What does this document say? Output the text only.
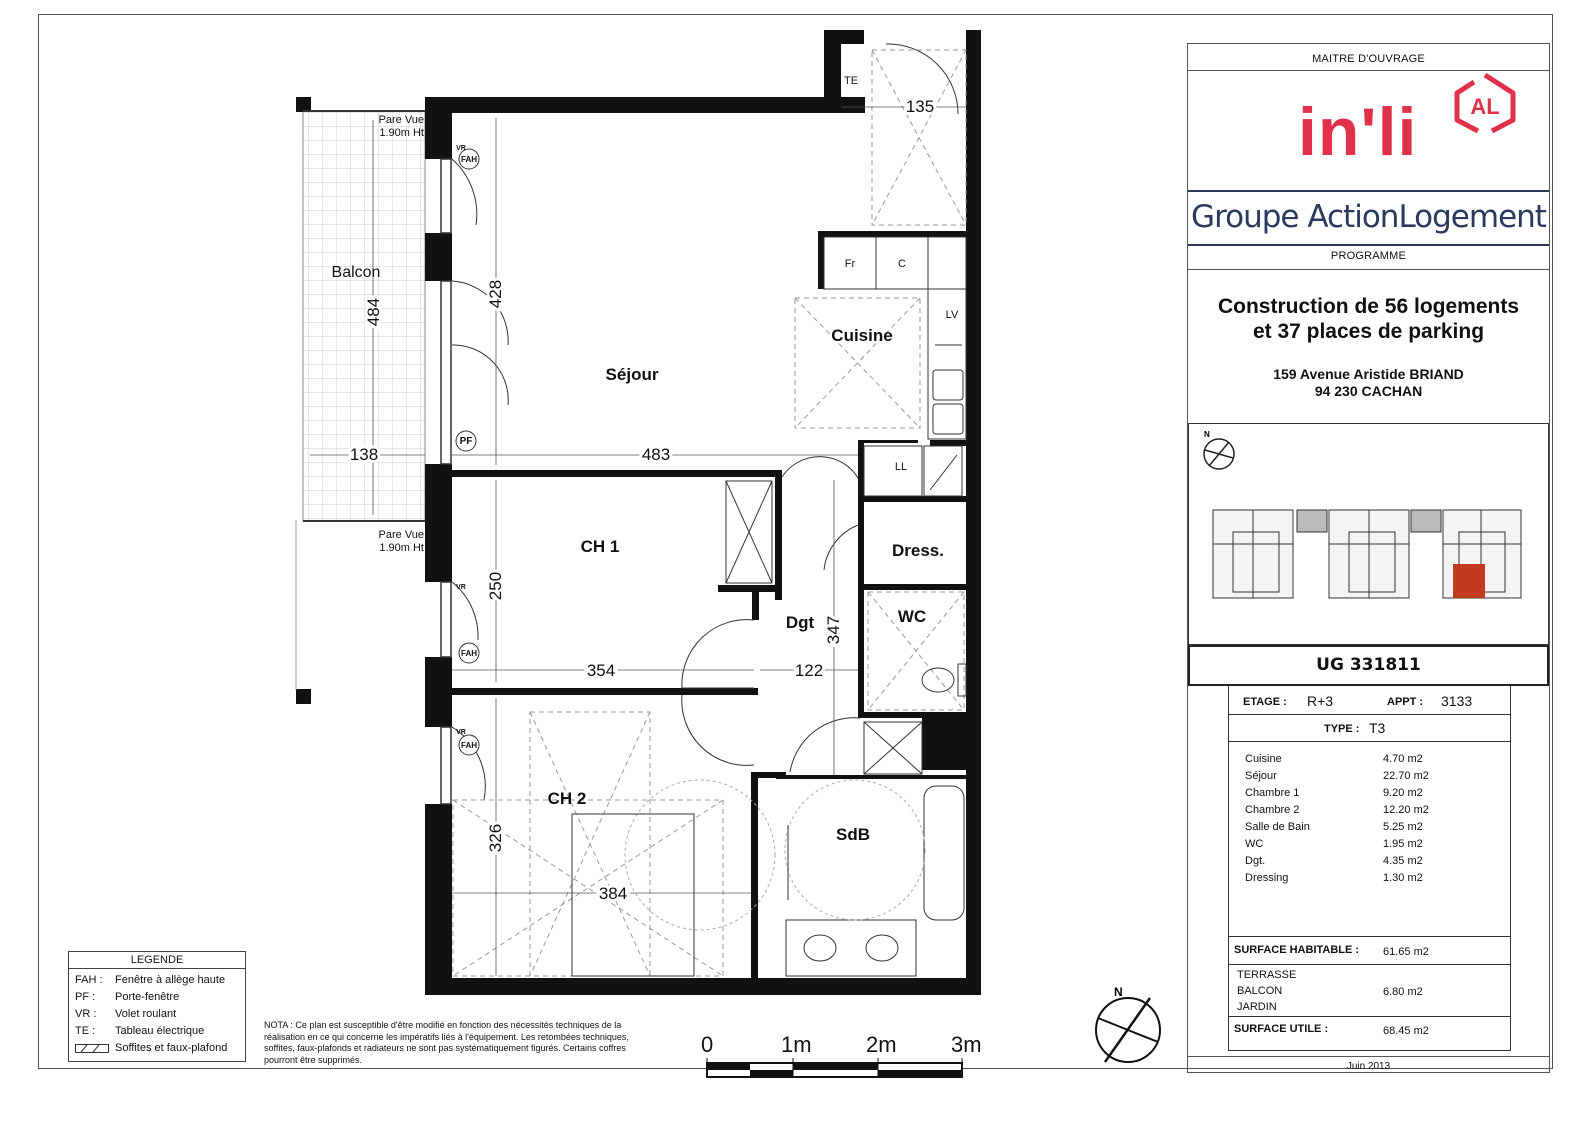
Séjour
Cuisine
CH 1
CH 2
Dgt
Dress.
WC
SdB
Balcon
TE
Fr	C
LV
LL
FAH
PF
FAH
FAH
VR
VR
VR
Pare Vue
1.90m Ht
Pare Vue
1.90m Ht
135
138	483
354	122
384
484
428
250
347
326
N
0	1m 2m 3m
LEGENDE
FAH : Fenêtre à allège haute
PF : Porte-fenêtre
VR : Volet roulant
TE : Tableau électrique
Soffites et faux-plafond
NOTA : Ce plan est susceptible d'être modifié en fonction des nécessités techniques de la réalisation en ce qui concerne les impératifs liés à l'équipement. Les retombées techniques, soffites, faux-plafonds et radiateurs ne sont pas systématiquement figurés. Certains coffres pourront être supprimés.
MAITRE D'OUVRAGE
in'li AL
Groupe ActionLogement
PROGRAMME
Construction de 56 logements
et 37 places de parking
159 Avenue Aristide BRIAND
94 230 CACHAN
N
UG 331811
ETAGE : R+3	APPT : 3133
TYPE : T3
Cuisine	4.70 m2
Séjour	22.70 m2
Chambre 1	9.20 m2
Chambre 2	12.20 m2
Salle de Bain	5.25 m2
WC	1.95 m2
Dgt.	4.35 m2
Dressing	1.30 m2
SURFACE HABITABLE : 61.65 m2
TERRASSE
BALCON
JARDIN
6.80 m2
SURFACE UTILE :	68.45 m2
Juin 2013
